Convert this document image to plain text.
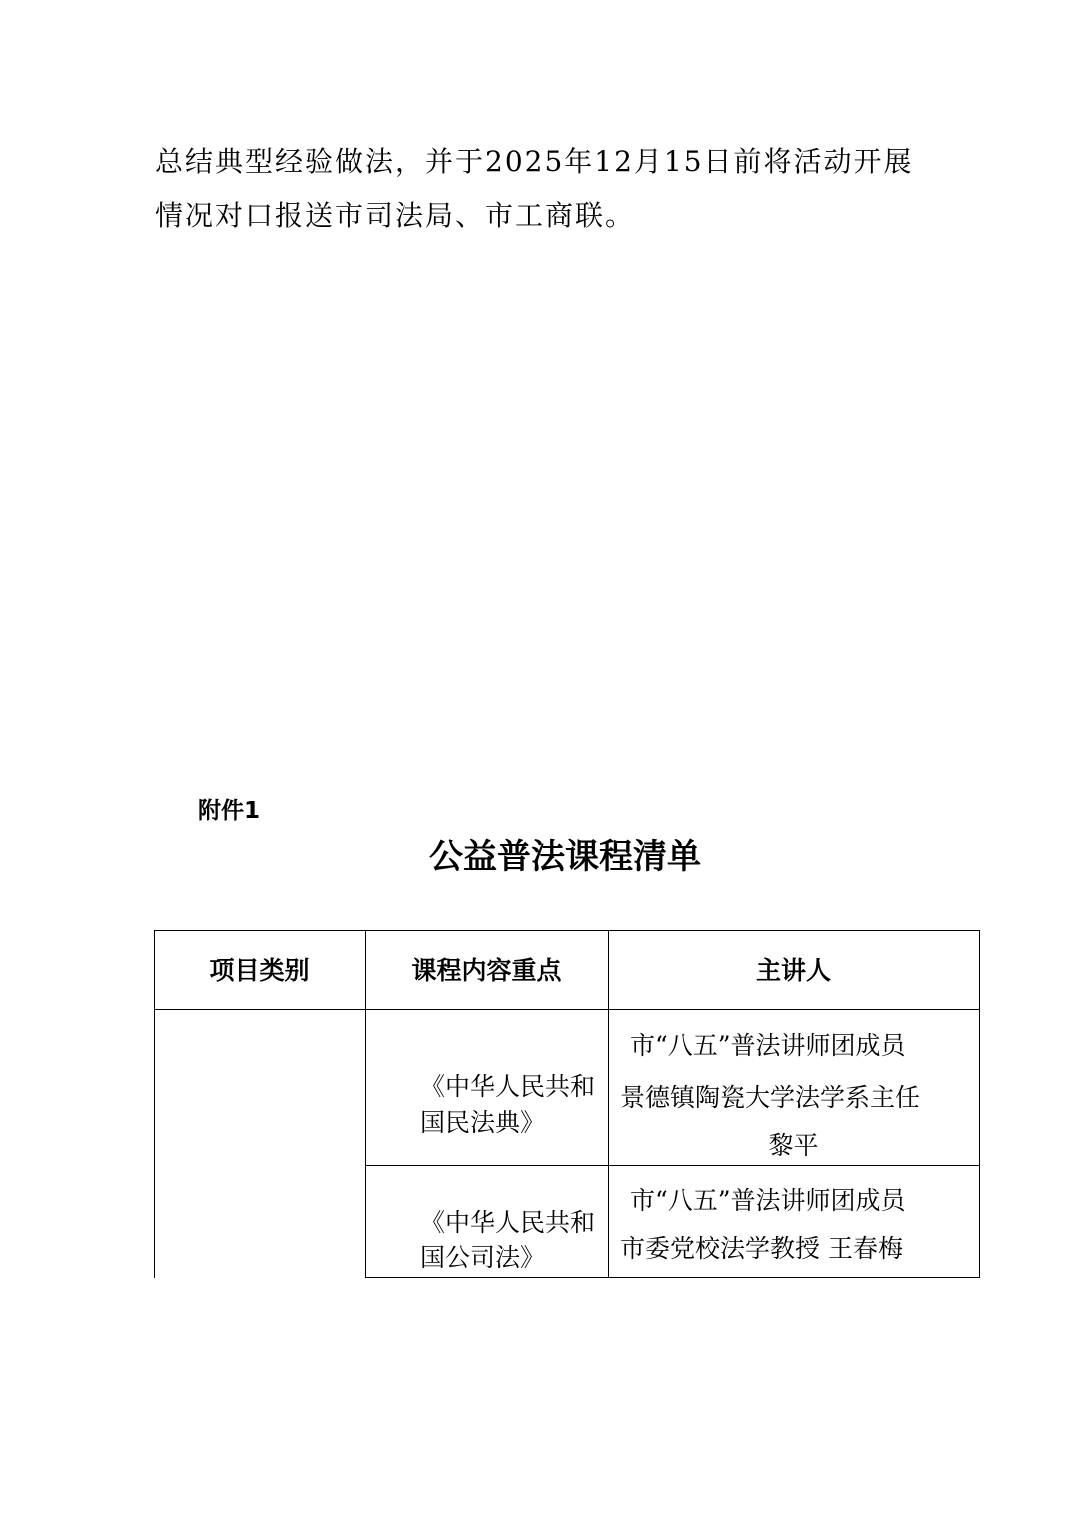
总结典型经验做法，并于2025年12月15日前将活动开展
情况对口报送市司法局、市工商联。
附件1
公益普法课程清单
项目类别	课程内容重点	主讲人
《中华人民共和
国民法典》
市“八五”普法讲师团成员
景德镇陶瓷大学法学系主任
黎平
《中华人民共和
国公司法》
市“八五”普法讲师团成员
市委党校法学教授 王春梅
